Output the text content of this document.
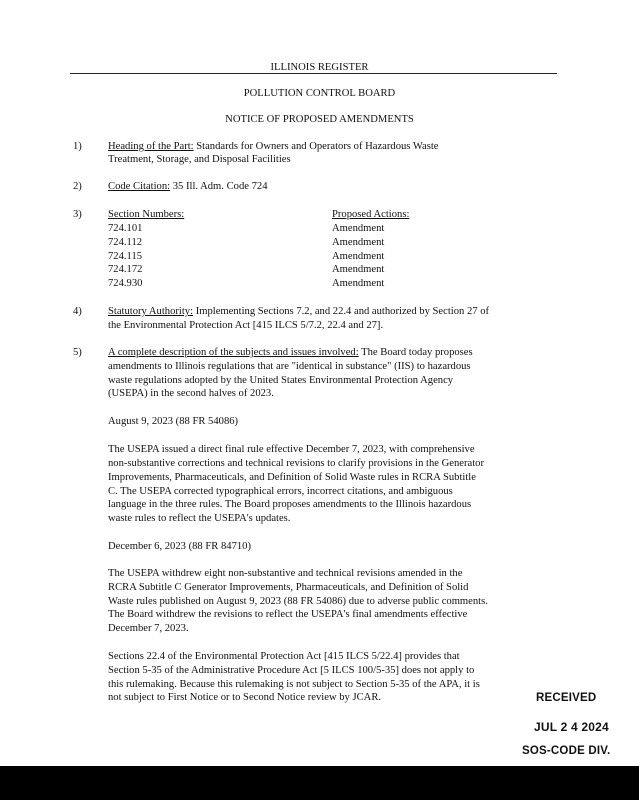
ILLINOIS REGISTER
POLLUTION CONTROL BOARD
NOTICE OF PROPOSED AMENDMENTS
1) Heading of the Part: Standards for Owners and Operators of Hazardous Waste
Treatment, Storage, and Disposal Facilities
2) Code Citation: 35 Ill. Adm. Code 724
3) Section Numbers:	Proposed Actions:
724.101	Amendment
724.112	Amendment
724.115	Amendment
724.172	Amendment
724.930	Amendment
4) Statutory Authority: Implementing Sections 7.2, and 22.4 and authorized by Section 27 of
the Environmental Protection Act [415 ILCS 5/7.2, 22.4 and 27].
5) A complete description of the subjects and issues involved: The Board today proposes
amendments to Illinois regulations that are "identical in substance" (IIS) to hazardous
waste regulations adopted by the United States Environmental Protection Agency
(USEPA) in the second halves of 2023.
August 9, 2023 (88 FR 54086)
The USEPA issued a direct final rule effective December 7, 2023, with comprehensive
non-substantive corrections and technical revisions to clarify provisions in the Generator
Improvements, Pharmaceuticals, and Definition of Solid Waste rules in RCRA Subtitle
C. The USEPA corrected typographical errors, incorrect citations, and ambiguous
language in the three rules. The Board proposes amendments to the Illinois hazardous
waste rules to reflect the USEPA's updates.
December 6, 2023 (88 FR 84710)
The USEPA withdrew eight non-substantive and technical revisions amended in the
RCRA Subtitle C Generator Improvements, Pharmaceuticals, and Definition of Solid
Waste rules published on August 9, 2023 (88 FR 54086) due to adverse public comments.
The Board withdrew the revisions to reflect the USEPA's final amendments effective
December 7, 2023.
Sections 22.4 of the Environmental Protection Act [415 ILCS 5/22.4] provides that
Section 5-35 of the Administrative Procedure Act [5 ILCS 100/5-35] does not apply to
this rulemaking. Because this rulemaking is not subject to Section 5-35 of the APA, it is
not subject to First Notice or to Second Notice review by JCAR.	RECEIVED
JUL 2 4 2024
SOS-CODE DIV.
